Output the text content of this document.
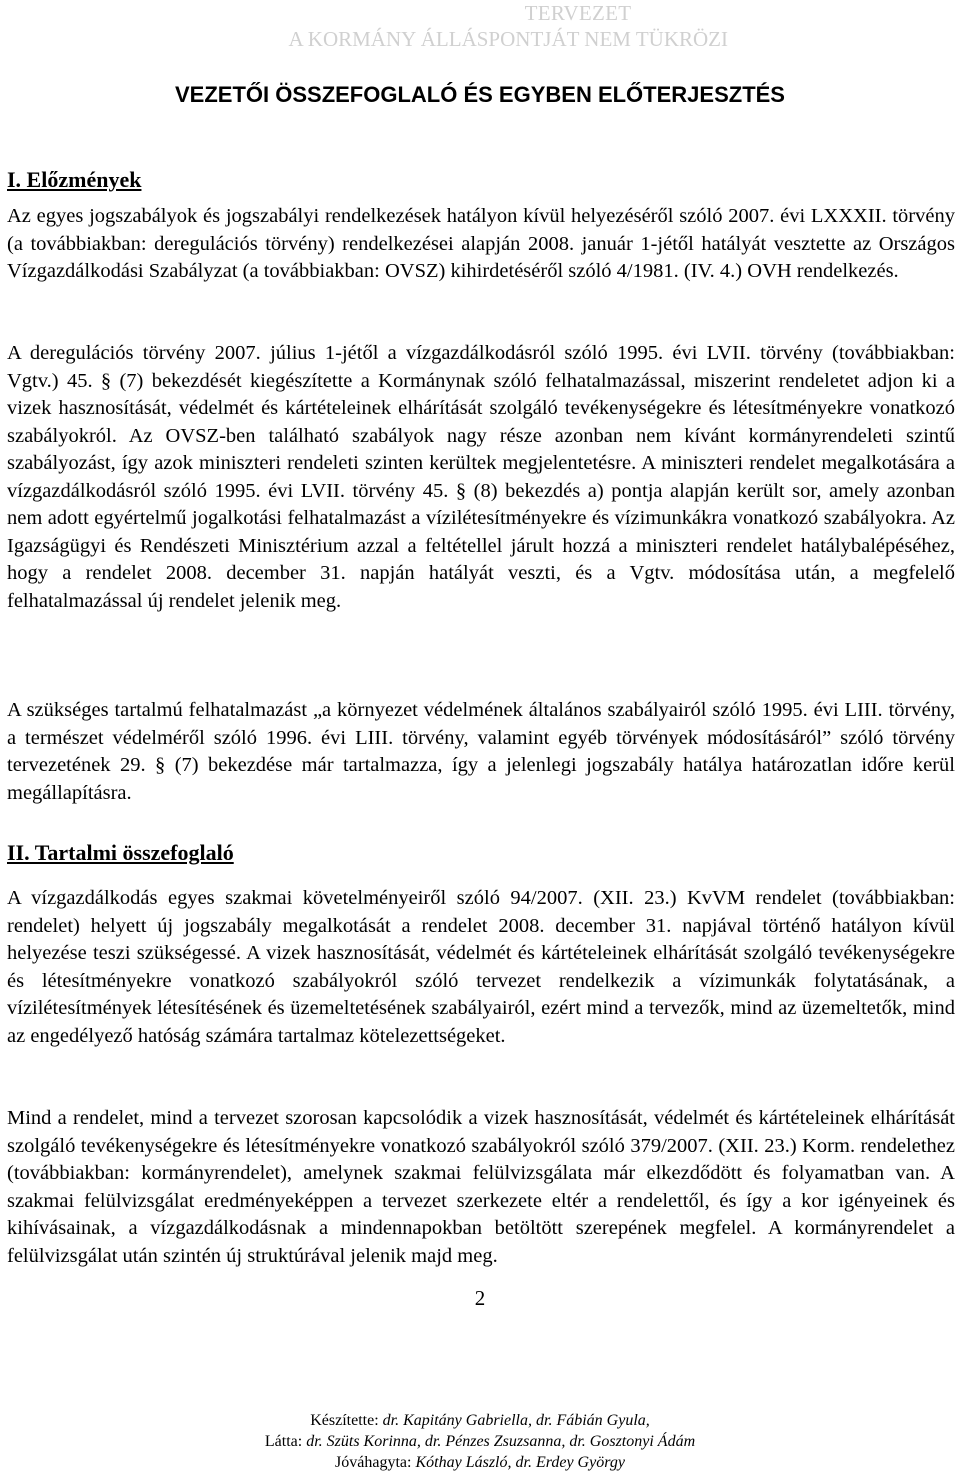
TERVEZET
A KORMÁNY ÁLLÁSPONTJÁT NEM TÜKRÖZI
VEZETŐI ÖSSZEFOGLALÓ ÉS EGYBEN ELŐTERJESZTÉS
I. Előzmények
Az egyes jogszabályok és jogszabályi rendelkezések hatályon kívül helyezéséről szóló 2007. évi LXXXII. törvény (a továbbiakban: deregulációs törvény) rendelkezései alapján 2008. január 1-jétől hatályát vesztette az Országos Vízgazdálkodási Szabályzat (a továbbiakban: OVSZ) kihirdetéséről szóló 4/1981. (IV. 4.) OVH rendelkezés.
A deregulációs törvény 2007. július 1-jétől a vízgazdálkodásról szóló 1995. évi LVII. törvény (továbbiakban: Vgtv.) 45. § (7) bekezdését kiegészítette a Kormánynak szóló felhatalmazással, miszerint rendeletet adjon ki a vizek hasznosítását, védelmét és kártételeinek elhárítását szolgáló tevékenységekre és létesítményekre vonatkozó szabályokról. Az OVSZ-ben található szabályok nagy része azonban nem kívánt kormányrendeleti szintű szabályozást, így azok miniszteri rendeleti szinten kerültek megjelentetésre. A miniszteri rendelet megalkotására a vízgazdálkodásról szóló 1995. évi LVII. törvény 45. § (8) bekezdés a) pontja alapján került sor, amely azonban nem adott egyértelmű jogalkotási felhatalmazást a vízilétesítményekre és vízimunkákra vonatkozó szabályokra. Az Igazságügyi és Rendészeti Minisztérium azzal a feltétellel járult hozzá a miniszteri rendelet hatálybalépéséhez, hogy a rendelet 2008. december 31. napján hatályát veszti, és a Vgtv. módosítása után, a megfelelő felhatalmazással új rendelet jelenik meg.
A szükséges tartalmú felhatalmazást „a környezet védelmének általános szabályairól szóló 1995. évi LIII. törvény, a természet védelméről szóló 1996. évi LIII. törvény, valamint egyéb törvények módosításáról” szóló törvény tervezetének 29. § (7) bekezdése már tartalmazza, így a jelenlegi jogszabály hatálya határozatlan időre kerül megállapításra.
II. Tartalmi összefoglaló
A vízgazdálkodás egyes szakmai követelményeiről szóló 94/2007. (XII. 23.) KvVM rendelet (továbbiakban: rendelet) helyett új jogszabály megalkotását a rendelet 2008. december 31. napjával történő hatályon kívül helyezése teszi szükségessé. A vizek hasznosítását, védelmét és kártételeinek elhárítását szolgáló tevékenységekre és létesítményekre vonatkozó szabályokról szóló tervezet rendelkezik a vízimunkák folytatásának, a vízilétesítmények létesítésének és üzemeltetésének szabályairól, ezért mind a tervezők, mind az üzemeltetők, mind az engedélyező hatóság számára tartalmaz kötelezettségeket.
Mind a rendelet, mind a tervezet szorosan kapcsolódik a vizek hasznosítását, védelmét és kártételeinek elhárítását szolgáló tevékenységekre és létesítményekre vonatkozó szabályokról szóló 379/2007. (XII. 23.) Korm. rendelethez (továbbiakban: kormányrendelet), amelynek szakmai felülvizsgálata már elkezdődött és folyamatban van. A szakmai felülvizsgálat eredményeképpen a tervezet szerkezete eltér a rendelettől, és így a kor igényeinek és kihívásainak, a vízgazdálkodásnak a mindennapokban betöltött szerepének megfelel. A kormányrendelet a felülvizsgálat után szintén új struktúrával jelenik majd meg.
2
Készítette: dr. Kapitány Gabriella, dr. Fábián Gyula,
Látta: dr. Szüts Korinna, dr. Pénzes Zsuzsanna, dr. Gosztonyi Ádám
Jóváhagyta: Kóthay László, dr. Erdey György
